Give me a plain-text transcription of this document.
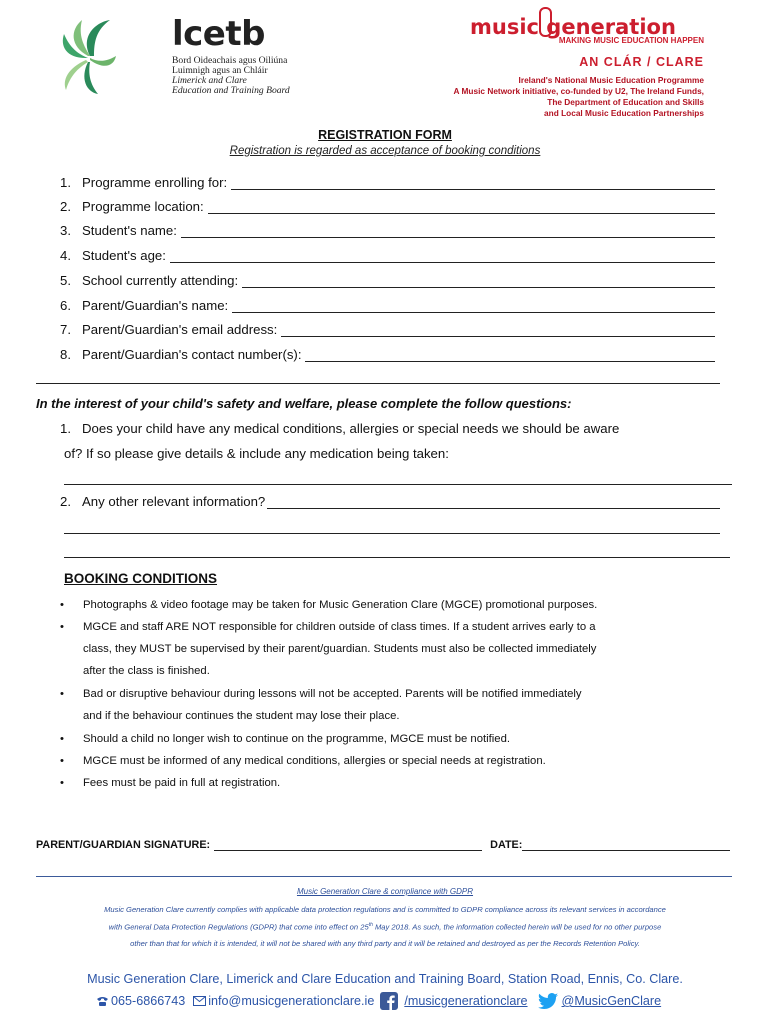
lcetb
Bord Oideachais agus Oiliúna
Luimnigh agus an Chláir
Limerick and Clare
Education and Training Board
music generation
MAKING MUSIC EDUCATION HAPPEN
AN CLÁR / CLARE
Ireland's National Music Education Programme
A Music Network initiative, co-funded by U2, The Ireland Funds,
The Department of Education and Skills
and Local Music Education Partnerships
REGISTRATION FORM
Registration is regarded as acceptance of booking conditions
1. Programme enrolling for:
2. Programme location:
3. Student's name:
4. Student's age:
5. School currently attending:
6. Parent/Guardian's name:
7. Parent/Guardian's email address:
8. Parent/Guardian's contact number(s):
In the interest of your child's safety and welfare, please complete the follow questions:
1. Does your child have any medical conditions, allergies or special needs we should be aware
of? If so please give details & include any medication being taken:
2. Any other relevant information?
BOOKING CONDITIONS
• Photographs & video footage may be taken for Music Generation Clare (MGCE) promotional purposes.
• MGCE and staff ARE NOT responsible for children outside of class times. If a student arrives early to a
class, they MUST be supervised by their parent/guardian. Students must also be collected immediately
after the class is finished.
• Bad or disruptive behaviour during lessons will not be accepted. Parents will be notified immediately
and if the behaviour continues the student may lose their place.
• Should a child no longer wish to continue on the programme, MGCE must be notified.
• MGCE must be informed of any medical conditions, allergies or special needs at registration.
• Fees must be paid in full at registration.
PARENT/GUARDIAN SIGNATURE:	DATE:
Music Generation Clare & compliance with GDPR
Music Generation Clare currently complies with applicable data protection regulations and is committed to GDPR compliance across its relevant services in accordance
with General Data Protection Regulations (GDPR) that come into effect on 25th May 2018. As such, the information collected herein will be used for no other purpose
other than that for which it is intended, it will not be shared with any third party and it will be retained and destroyed as per the Records Retention Policy.
Music Generation Clare, Limerick and Clare Education and Training Board, Station Road, Ennis, Co. Clare.
065-6866743 info@musicgenerationclare.ie /musicgenerationclare	@MusicGenClare
